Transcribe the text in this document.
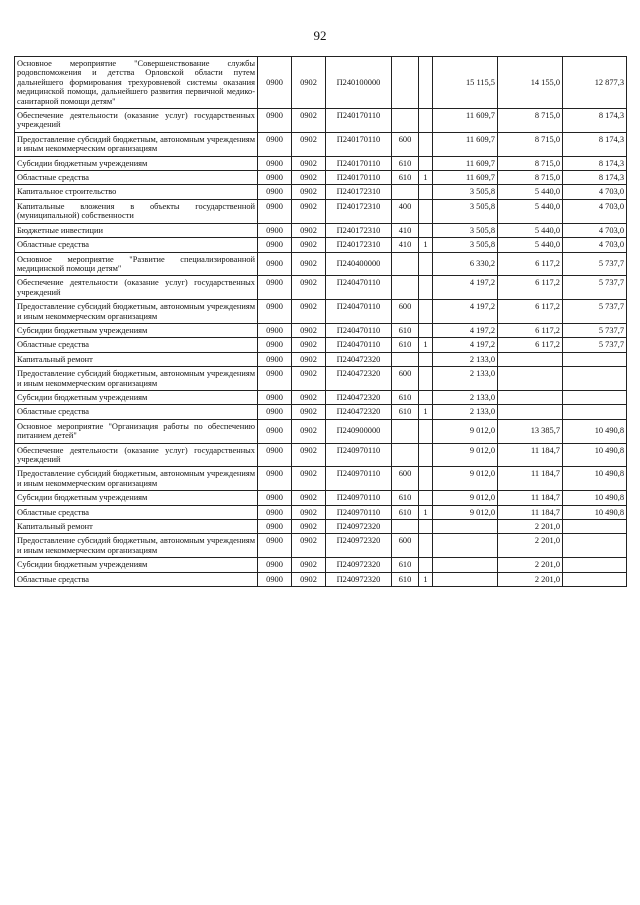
92
Основное мероприятие "Совершенствование службы родовспоможения и детства Орловской области путем дальнейшего формирования трехуровневой системы оказания медицинской помощи, дальнейшего развития первичной медико-санитарной помощи детям"	0900	0902	П240100000			15 115,5	14 155,0	12 877,3
Обеспечение деятельности (оказание услуг) государственных учреждений	0900	0902	П240170110			11 609,7	8 715,0	8 174,3
Предоставление субсидий бюджетным, автономным учреждениям и иным некоммерческим организациям	0900	0902	П240170110	600		11 609,7	8 715,0	8 174,3
Субсидии бюджетным учреждениям	0900	0902	П240170110	610		11 609,7	8 715,0	8 174,3
Областные средства	0900	0902	П240170110	610	1	11 609,7	8 715,0	8 174,3
Капитальное строительство	0900	0902	П240172310			3 505,8	5 440,0	4 703,0
Капитальные вложения в объекты государственной (муниципальной) собственности	0900	0902	П240172310	400		3 505,8	5 440,0	4 703,0
Бюджетные инвестиции	0900	0902	П240172310	410		3 505,8	5 440,0	4 703,0
Областные средства	0900	0902	П240172310	410	1	3 505,8	5 440,0	4 703,0
Основное мероприятие "Развитие специализированной медицинской помощи детям"	0900	0902	П240400000			6 330,2	6 117,2	5 737,7
Обеспечение деятельности (оказание услуг) государственных учреждений	0900	0902	П240470110			4 197,2	6 117,2	5 737,7
Предоставление субсидий бюджетным, автономным учреждениям и иным некоммерческим организациям	0900	0902	П240470110	600		4 197,2	6 117,2	5 737,7
Субсидии бюджетным учреждениям	0900	0902	П240470110	610		4 197,2	6 117,2	5 737,7
Областные средства	0900	0902	П240470110	610	1	4 197,2	6 117,2	5 737,7
Капитальный ремонт	0900	0902	П240472320			2 133,0		
Предоставление субсидий бюджетным, автономным учреждениям и иным некоммерческим организациям	0900	0902	П240472320	600		2 133,0		
Субсидии бюджетным учреждениям	0900	0902	П240472320	610		2 133,0		
Областные средства	0900	0902	П240472320	610	1	2 133,0		
Основное мероприятие "Организация работы по обеспечению питанием детей"	0900	0902	П240900000			9 012,0	13 385,7	10 490,8
Обеспечение деятельности (оказание услуг) государственных учреждений	0900	0902	П240970110			9 012,0	11 184,7	10 490,8
Предоставление субсидий бюджетным, автономным учреждениям и иным некоммерческим организациям	0900	0902	П240970110	600		9 012,0	11 184,7	10 490,8
Субсидии бюджетным учреждениям	0900	0902	П240970110	610		9 012,0	11 184,7	10 490,8
Областные средства	0900	0902	П240970110	610	1	9 012,0	11 184,7	10 490,8
Капитальный ремонт	0900	0902	П240972320				2 201,0	
Предоставление субсидий бюджетным, автономным учреждениям и иным некоммерческим организациям	0900	0902	П240972320	600			2 201,0	
Субсидии бюджетным учреждениям	0900	0902	П240972320	610			2 201,0	
Областные средства	0900	0902	П240972320	610	1		2 201,0	
